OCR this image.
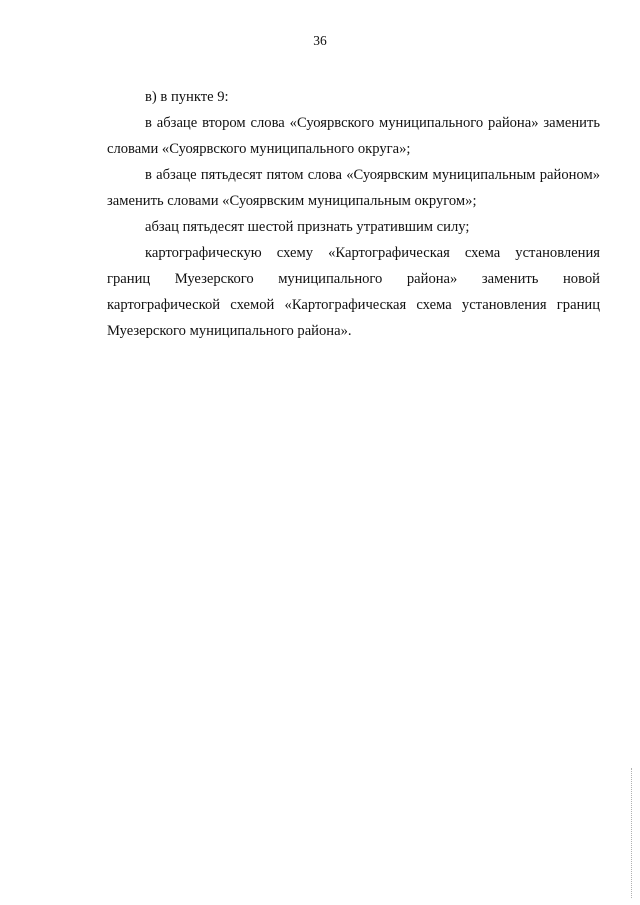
36

в) в пункте 9:

в абзаце втором слова «Суоярвского муниципального района» заменить словами «Суоярвского муниципального округа»;

в абзаце пятьдесят пятом слова «Суоярвским муниципальным районом» заменить словами «Суоярвским муниципальным округом»;

абзац пятьдесят шестой признать утратившим силу;

картографическую схему «Картографическая схема установления границ Муезерского муниципального района» заменить новой картографической схемой «Картографическая схема установления границ Муезерского муниципального района».
